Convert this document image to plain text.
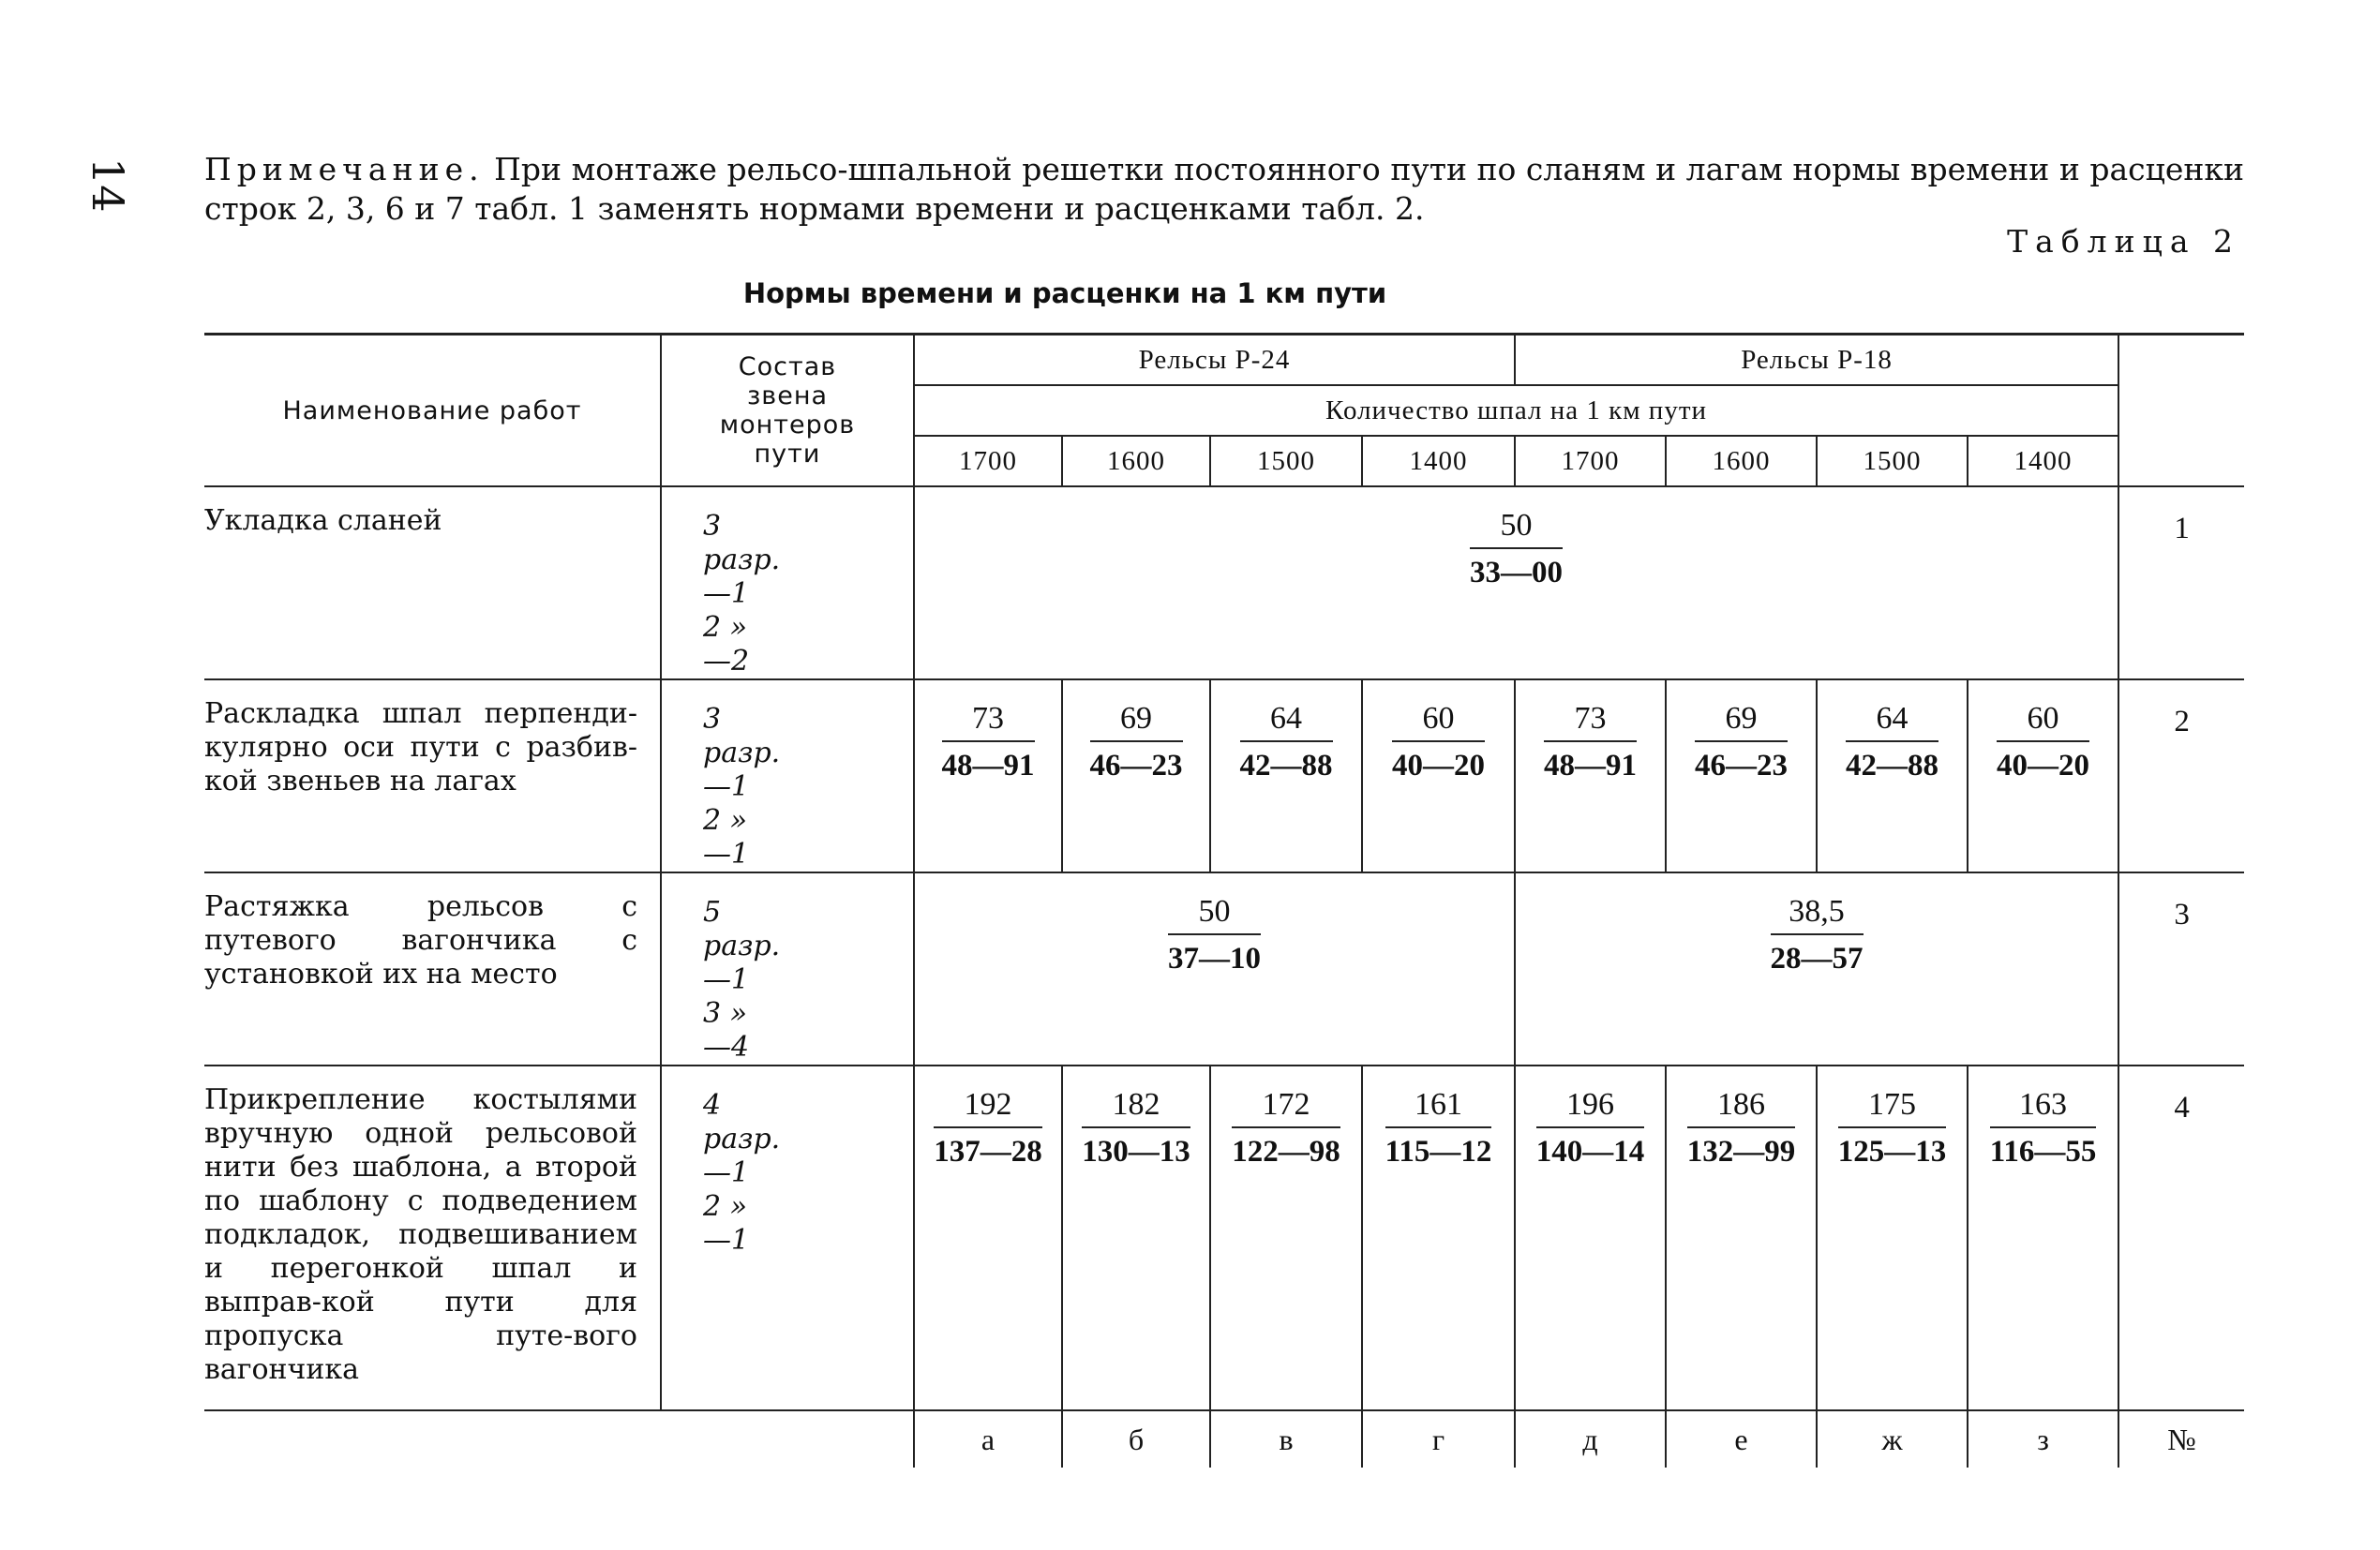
14 Примечание. При монтаже рельсо-шпальной решетки постоянного пути по сланям и лагам нормы времени и расценки строк 2, 3, 6 и 7 табл. 1 заменять нормами времени и расценками табл. 2.
Таблица 2
Нормы времени и расценки на 1 км пути
Наименование работ	Состав
звена
монтеров
пути	Рельсы Р-24				Рельсы Р-18				
		Количество шпал на 1 км пути								
		1700	1600	1500	1400	1700	1600	1500	1400	
Укладка сланей	3 разр.
—1
2 »
—2	$\frac{50}{33—00}$								1
Раскладка шпал перпенди-кулярно оси пути с разбив-кой звеньев на лагах	3 разр.
—1
2 »
—1	$\frac{73}{48—91}$	$\frac{69}{46—23}$	$\frac{64}{42—88}$	$\frac{60}{40—20}$	$\frac{73}{48—91}$	$\frac{69}{46—23}$	$\frac{64}{42—88}$	$\frac{60}{40—20}$	2
Растяжка рельсов с путевого вагончика с установкой их на место	5 разр.
—1
3 »
—4	$\frac{50}{37—10}$				$\frac{38,5}{28—57}$				3
Прикрепление костылями вручную одной рельсовой нити без шаблона, а второй по шаблону с подведением подкладок, подвешиванием и перегонкой шпал и выправ-кой пути для пропуска путе-вого вагончика	4 разр.
—1
2 »
—1	$\frac{192}{137—28}$	$\frac{182}{130—13}$	$\frac{172}{122—98}$	$\frac{161}{115—12}$	$\frac{196}{140—14}$	$\frac{186}{132—99}$	$\frac{175}{125—13}$	$\frac{163}{116—55}$	4
		а	б	в	г	д	е	ж	з	№
